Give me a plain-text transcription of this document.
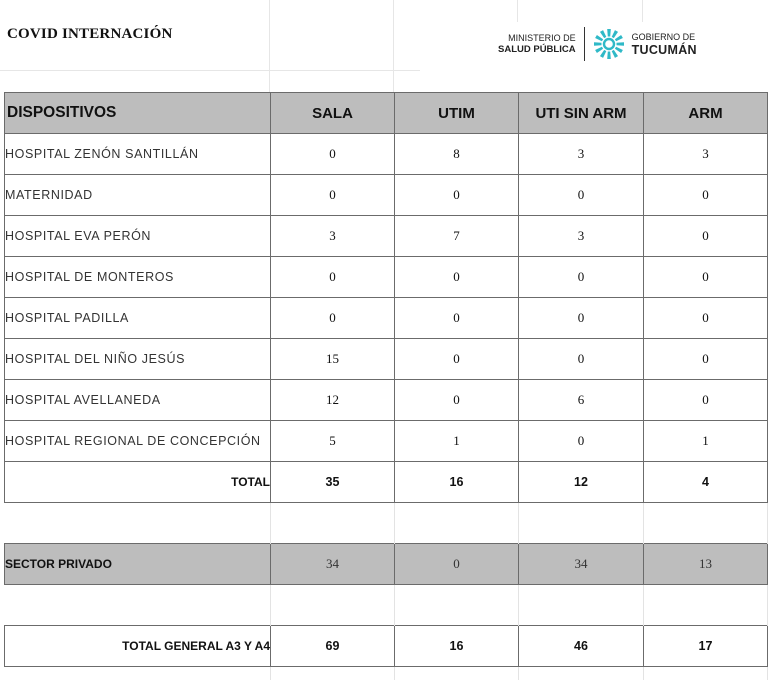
COVID INTERNACIÓN	MINISTERIO DE
SALUD PÚBLICA
GOBIERNO DE
TUCUMÁN
DISPOSITIVOS	SALA	UTIM	UTI SIN ARM	ARM
HOSPITAL ZENÓN SANTILLÁN	0	8	3	3
MATERNIDAD	0	0	0	0
HOSPITAL EVA PERÓN	3	7	3	0
HOSPITAL DE MONTEROS	0	0	0	0
HOSPITAL PADILLA	0	0	0	0
HOSPITAL DEL NIÑO JESÚS	15	0	0	0
HOSPITAL AVELLANEDA	12	0	6	0
HOSPITAL REGIONAL DE CONCEPCIÓN	5	1	0	1
TOTAL	35	16	12	4

SECTOR PRIVADO	34	0	34	13

TOTAL GENERAL A3 Y A4	69	16	46	17
